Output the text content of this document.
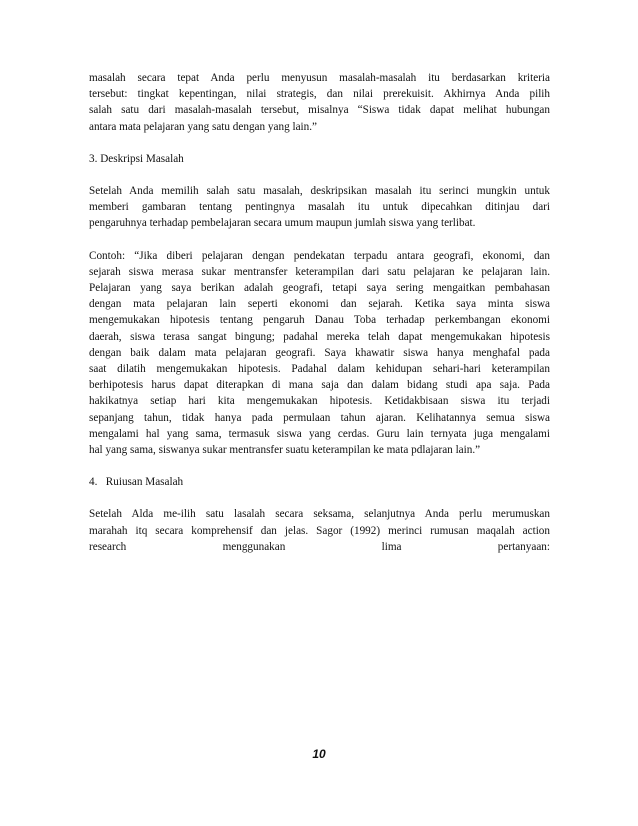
masalah secara tepat Anda perlu menyusun masalah-masalah itu berdasarkan kriteria
tersebut: tingkat kepentingan, nilai strategis, dan nilai prerekuisit. Akhirnya Anda pilih
salah satu dari masalah-masalah tersebut, misalnya “Siswa tidak dapat melihat hubungan
antara mata pelajaran yang satu dengan yang lain.”

3. Deskripsi Masalah

Setelah Anda memilih salah satu masalah, deskripsikan masalah itu serinci mungkin untuk
memberi gambaran tentang pentingnya masalah itu untuk dipecahkan ditinjau dari
pengaruhnya terhadap pembelajaran secara umum maupun jumlah siswa yang terlibat.

Contoh: “Jika diberi pelajaran dengan pendekatan terpadu antara geografi, ekonomi, dan
sejarah siswa merasa sukar mentransfer keterampilan dari satu pelajaran ke pelajaran lain.
Pelajaran yang saya berikan adalah geografi, tetapi saya sering mengaitkan pembahasan
dengan mata pelajaran lain seperti ekonomi dan sejarah. Ketika saya minta siswa
mengemukakan hipotesis tentang pengaruh Danau Toba terhadap perkembangan ekonomi
daerah, siswa terasa sangat bingung; padahal mereka telah dapat mengemukakan hipotesis
dengan baik dalam mata pelajaran geografi. Saya khawatir siswa hanya menghafal pada
saat dilatih mengemukakan hipotesis. Padahal dalam kehidupan sehari-hari keterampilan
berhipotesis harus dapat diterapkan di mana saja dan dalam bidang studi apa saja. Pada
hakikatnya setiap hari kita mengemukakan hipotesis. Ketidakbisaan siswa itu terjadi
sepanjang tahun, tidak hanya pada permulaan tahun ajaran. Kelihatannya semua siswa
mengalami hal yang sama, termasuk siswa yang cerdas. Guru lain ternyata juga mengalami
hal yang sama, siswanya sukar mentransfer suatu keterampilan ke mata pdlajaran lain.”

4.   Ruiusan Masalah

Setelah Alda me-ilih satu lasalah secara seksama, selanjutnya Anda perlu merumuskan
marahah itq secara komprehensif dan jelas. Sagor (1992) merinci rumusan maqalah action
research menggunakan lima pertanyaan:

10
